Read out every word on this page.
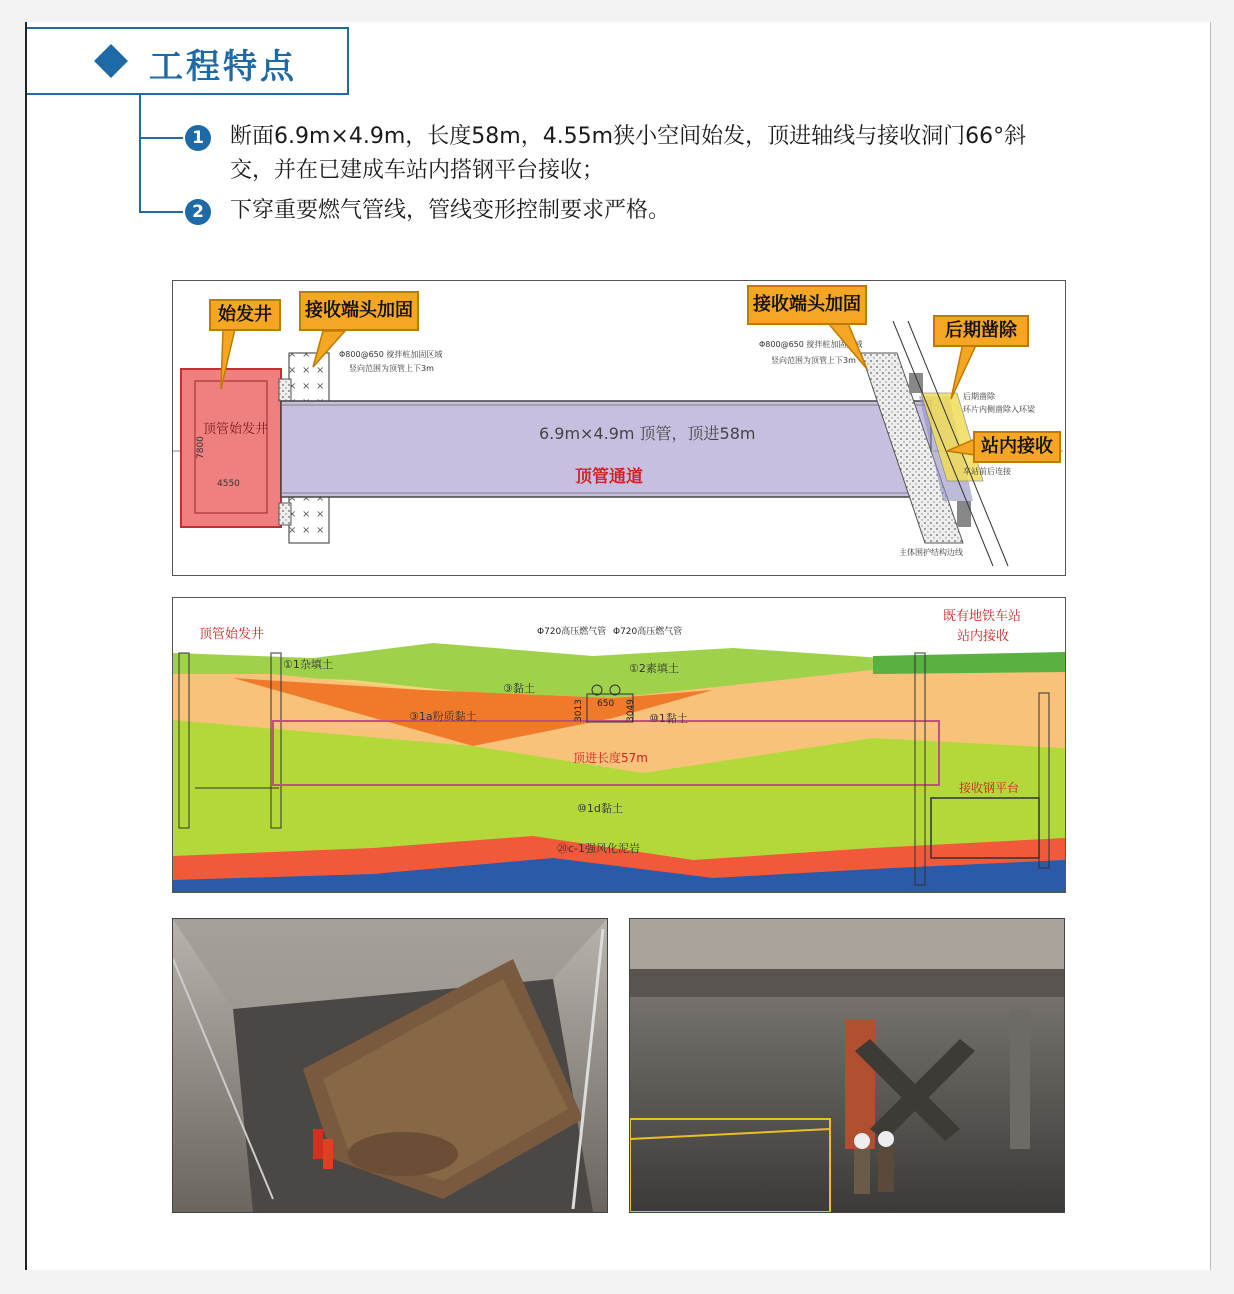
工程特点
1	断面6.9m×4.9m，长度58m，4.55m狭小空间始发，顶进轴线与接收洞门66°斜
交，并在已建成车站内搭钢平台接收；
2	下穿重要燃气管线，管线变形控制要求严格。
顶管始发井
4550
7800
6.9m×4.9m 顶管，顶进58m
顶管通道
Φ800@650 搅拌桩加固区域
竖向范围为顶管上下3m
Φ800@650 搅拌桩加固区域
竖向范围为顶管上下3m
后期凿除
环片内侧凿除入环梁
车站前后连接
主体围护结构边线
始发井	接收端头加固	接收端头加固
后期凿除
站内接收
顶管始发井
既有地铁车站
站内接收
Φ720高压燃气管 Φ720高压燃气管
①1杂填土	①2素填土
③黏土
③1a粉质黏土	⑩1黏土
顶进长度57m
⑩1d黏土
⑳c-1强风化泥岩
接收钢平台
650
3013	3049
